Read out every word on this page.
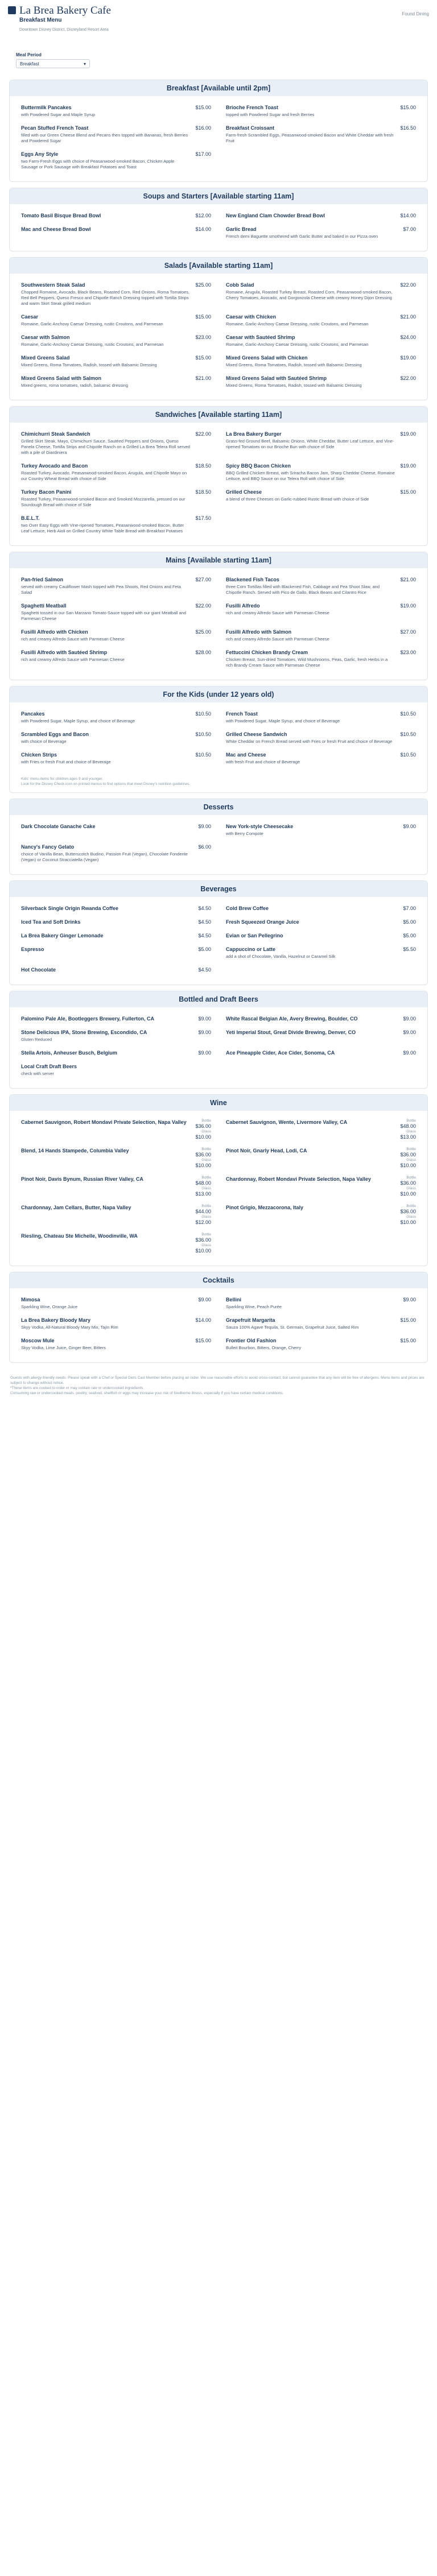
La Brea Bakery Cafe
Breakfast Menu
Downtown Disney District, Disneyland Resort Area
Found Dining
Meal Period
Breakfast	▾
Breakfast [Available until 2pm]
Buttermilk Pancakes	$15.00
with Powdered Sugar and Maple Syrup
Brioche French Toast	$15.00
topped with Powdered Sugar and fresh Berries
Pecan Stuffed French Toast	$16.00
filled with our Green Cheese Blend and Pecans then topped with Bananas, fresh Berries and Powdered Sugar
Breakfast Croissant	$16.50
Farm-fresh Scrambled Eggs, Peasanwood-smoked Bacon and White Cheddar with fresh Fruit
Eggs Any Style	$17.00
two Farm-Fresh Eggs with choice of Peasanwood-smoked Bacon, Chicken Apple Sausage or Pork Sausage with Breakfast Potatoes and Toast
Soups and Starters [Available starting 11am]
Tomato Basil Bisque Bread Bowl	$12.00	New England Clam Chowder Bread Bowl	$14.00
Mac and Cheese Bread Bowl	$14.00	Garlic Bread	$7.00
French demi Baguette smothered with Garlic Butter and baked in our Pizza oven
Salads [Available starting 11am]
Southwestern Steak Salad	$25.00
Chopped Romaine, Avocado, Black Beans, Roasted Corn, Red Onions, Roma Tomatoes, Red Bell Peppers, Queso Fresco and Chipotle Ranch Dressing topped with Tortilla Strips and warm Skirt Steak grilled medium
Cobb Salad	$22.00
Romaine, Arugula, Roasted Turkey Breast, Roasted Corn, Peasanwood-smoked Bacon, Cherry Tomatoes, Avocado, and Gorgonzola Cheese with creamy Honey Dijon Dressing
Caesar	$15.00
Romaine, Garlic Anchovy Caesar Dressing, rustic Croutons, and Parmesan
Caesar with Chicken	$21.00
Romaine, Garlic-Anchovy Caesar Dressing, rustic Croutons, and Parmesan
Caesar with Salmon	$23.00
Romaine, Garlic-Anchovy Caesar Dressing, rustic Croutons, and Parmesan
Caesar with Sautéed Shrimp	$24.00
Romaine, Garlic-Anchovy Caesar Dressing, rustic Croutons, and Parmesan
Mixed Greens Salad	$15.00
Mixed Greens, Roma Tomatoes, Radish, tossed with Balsamic Dressing
Mixed Greens Salad with Chicken	$19.00
Mixed Greens, Roma Tomatoes, Radish, tossed with Balsamic Dressing
Mixed Greens Salad with Salmon	$21.00
Mixed greens, roma tomatoes, radish, balsamic dressing
Mixed Greens Salad with Sautéed Shrimp	$22.00
Mixed Greens, Roma Tomatoes, Radish, tossed with Balsamic Dressing
Sandwiches [Available starting 11am]
Chimichurri Steak Sandwich	$22.00
Grilled Skirt Steak, Mayo, Chimichurri Sauce, Sautéed Peppers and Onions, Queso Panela Cheese, Tortilla Strips and Chipotle Ranch on a Grilled La Brea Telera Roll served with a pile of Giardiniera
La Brea Bakery Burger	$19.00
Grass-fed Ground Beef, Balsamic Onions, White Cheddar, Butter Leaf Lettuce, and Vine-ripened Tomatoes on our Brioche Bun with choice of Side
Turkey Avocado and Bacon	$18.50
Roasted Turkey, Avocado, Peasanwood-smoked Bacon, Arugula, and Chipotle Mayo on our Country Wheat Bread with choice of Side
Spicy BBQ Bacon Chicken	$19.00
BBQ Grilled Chicken Breast, with Sriracha Bacon Jam, Sharp Cheddar Cheese, Romaine Lettuce, and BBQ Sauce on our Telera Roll with choice of Side
Turkey Bacon Panini	$18.50
Roasted Turkey, Peasanwood-smoked Bacon and Smoked Mozzarella, pressed on our Sourdough Bread with choice of Side
Grilled Cheese	$15.00
a blend of three Cheeses on Garlic-rubbed Rustic Bread with choice of Side
B.E.L.T.	$17.50
two Over Easy Eggs with Vine-ripened Tomatoes, Peasanwood-smoked Bacon, Butter Leaf Lettuce, Herb Aioli on Grilled Country White Table Bread with Breakfast Potatoes
Mains [Available starting 11am]
Pan-fried Salmon	$27.00
served with creamy Cauliflower Mash topped with Pea Shoots, Red Onions and Feta Salad
Blackened Fish Tacos	$21.00
three Corn Tortillas filled with Blackened Fish, Cabbage and Pea Shoot Slaw, and Chipotle Ranch. Served with Pico de Gallo, Black Beans and Cilantro Rice
Spaghetti Meatball	$22.00
Spaghetti tossed in our San Marzano Tomato Sauce topped with our giant Meatball and Parmesan Cheese
Fusilli Alfredo	$19.00
rich and creamy Alfredo Sauce with Parmesan Cheese
Fusilli Alfredo with Chicken	$25.00
rich and creamy Alfredo Sauce with Parmesan Cheese
Fusilli Alfredo with Salmon	$27.00
rich and creamy Alfredo Sauce with Parmesan Cheese
Fusilli Alfredo with Sautéed Shrimp	$28.00
rich and creamy Alfredo Sauce with Parmesan Cheese
Fettuccini Chicken Brandy Cream	$23.00
Chicken Breast, Sun-dried Tomatoes, Wild Mushrooms, Peas, Garlic, fresh Herbs in a rich Brandy Cream Sauce with Parmesan Cheese
For the Kids (under 12 years old)
Pancakes	$10.50
with Powdered Sugar, Maple Syrup, and choice of Beverage
French Toast	$10.50
with Powdered Sugar, Maple Syrup, and choice of Beverage
Scrambled Eggs and Bacon	$10.50
with choice of Beverage
Grilled Cheese Sandwich	$10.50
White Cheddar on French Bread served with Fries or fresh Fruit and choice of Beverage
Chicken Strips	$10.50
with Fries or fresh Fruit and choice of Beverage
Mac and Cheese	$10.50
with fresh Fruit and choice of Beverage
Kids' menu items for children ages 9 and younger.
Look for the Disney Check icon on printed menus to find options that meet Disney's nutrition guidelines.
Desserts
Dark Chocolate Ganache Cake	$9.00	New York-style Cheesecake	$9.00
with Berry Compote
Nancy's Fancy Gelato	$6.00
choice of Vanilla Bean, Butterscotch Budino, Passion Fruit (Vegan), Chocolate Fondente (Vegan) or Coconut Stracciatella (Vegan)
Beverages
Silverback Single Origin Rwanda Coffee	$4.50	Cold Brew Coffee	$7.00
Iced Tea and Soft Drinks	$4.50	Fresh Squeezed Orange Juice	$5.00
La Brea Bakery Ginger Lemonade	$4.50	Evian or San Pellegrino	$5.00
Espresso	$5.00	Cappuccino or Latte	$5.50
add a shot of Chocolate, Vanilla, Hazelnut or Caramel Silk
Hot Chocolate	$4.50
Bottled and Draft Beers
Palomino Pale Ale, Bootleggers Brewery, Fullerton, CA	$9.00	White Rascal Belgian Ale, Avery Brewing, Boulder, CO	$9.00
Stone Delicious IPA, Stone Brewing, Escondido, CA	$9.00
Gluten Reduced
Yeti Imperial Stout, Great Divide Brewing, Denver, CO	$9.00
Stella Artois, Anheuser Busch, Belgium	$9.00	Ace Pineapple Cider, Ace Cider, Sonoma, CA	$9.00
Local Craft Draft Beers
check with server
Wine
Cabernet Sauvignon, Robert Mondavi Private Selection, Napa Valley	Bottle
$36.00
Glass
$10.00
Cabernet Sauvignon, Wente, Livermore Valley, CA	Bottle
$48.00
Glass
$13.00
Blend, 14 Hands Stampede, Columbia Valley	Bottle
$36.00
Glass
$10.00
Pinot Noir, Gnarly Head, Lodi, CA	Bottle
$36.00
Glass
$10.00
Pinot Noir, Davis Bynum, Russian River Valley, CA	Bottle
$48.00
Glass
$13.00
Chardonnay, Robert Mondavi Private Selection, Napa Valley	Bottle
$36.00
Glass
$10.00
Chardonnay, Jam Cellars, Butter, Napa Valley	Bottle
$44.00
Glass
$12.00
Pinot Grigio, Mezzacorona, Italy	Bottle
$36.00
Glass
$10.00
Riesling, Chateau Ste Michelle, Woodinville, WA	Bottle
$36.00
Glass
$10.00
Cocktails
Mimosa	$9.00
Sparkling Wine, Orange Juice
Bellini	$9.00
Sparkling Wine, Peach Purée
La Brea Bakery Bloody Mary	$14.00
Skyy Vodka, All-Natural Bloody Mary Mix, Tajín Rim
Grapefruit Margarita	$15.00
Sauza 100% Agave Tequila, St. Germain, Grapefruit Juice, Salted Rim
Moscow Mule	$15.00
Skyy Vodka, Lime Juice, Ginger Beer, Bitters
Frontier Old Fashion	$15.00
Bulleit Bourbon, Bitters, Orange, Cherry
Guests with allergy-friendly needs: Please speak with a Chef or Special Diets Cast Member before placing an order. We use reasonable efforts to avoid cross-contact, but cannot guarantee that any item will be free of allergens. Menu items and prices are subject to change without notice.
*These items are cooked to order or may contain raw or undercooked ingredients.
Consuming raw or undercooked meats, poultry, seafood, shellfish or eggs may increase your risk of foodborne illness, especially if you have certain medical conditions.
